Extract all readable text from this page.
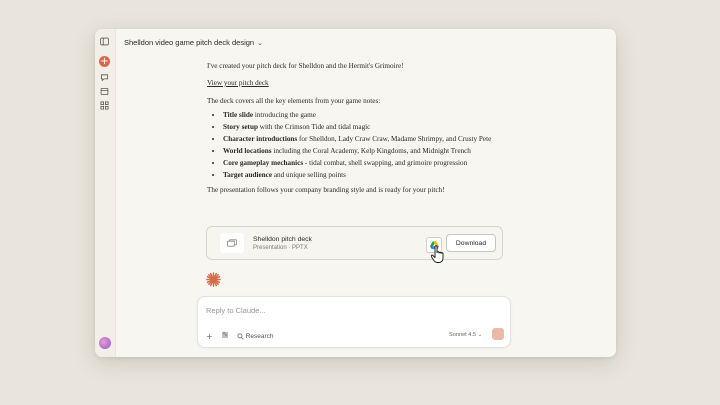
+
Shelldon video game pitch deck design ⌄

I've created your pitch deck for Shelldon and the Hermit's Grimoire!

View your pitch deck

The deck covers all the key elements from your game notes:

• Title slide introducing the game
• Story setup with the Crimson Tide and tidal magic
• Character introductions for Shelldon, Lady Craw Craw, Madame Shrimpy, and Crusty Pete
• World locations including the Coral Academy, Kelp Kingdoms, and Midnight Trench
• Core gameplay mechanics - tidal combat, shell swapping, and grimoire progression
• Target audience and unique selling points

The presentation follows your company branding style and is ready for your pitch!

Shelldon pitch deck
Presentation · PPTX
Download
Reply to Claude...
+	Research	Sonnet 4.5 ⌄
